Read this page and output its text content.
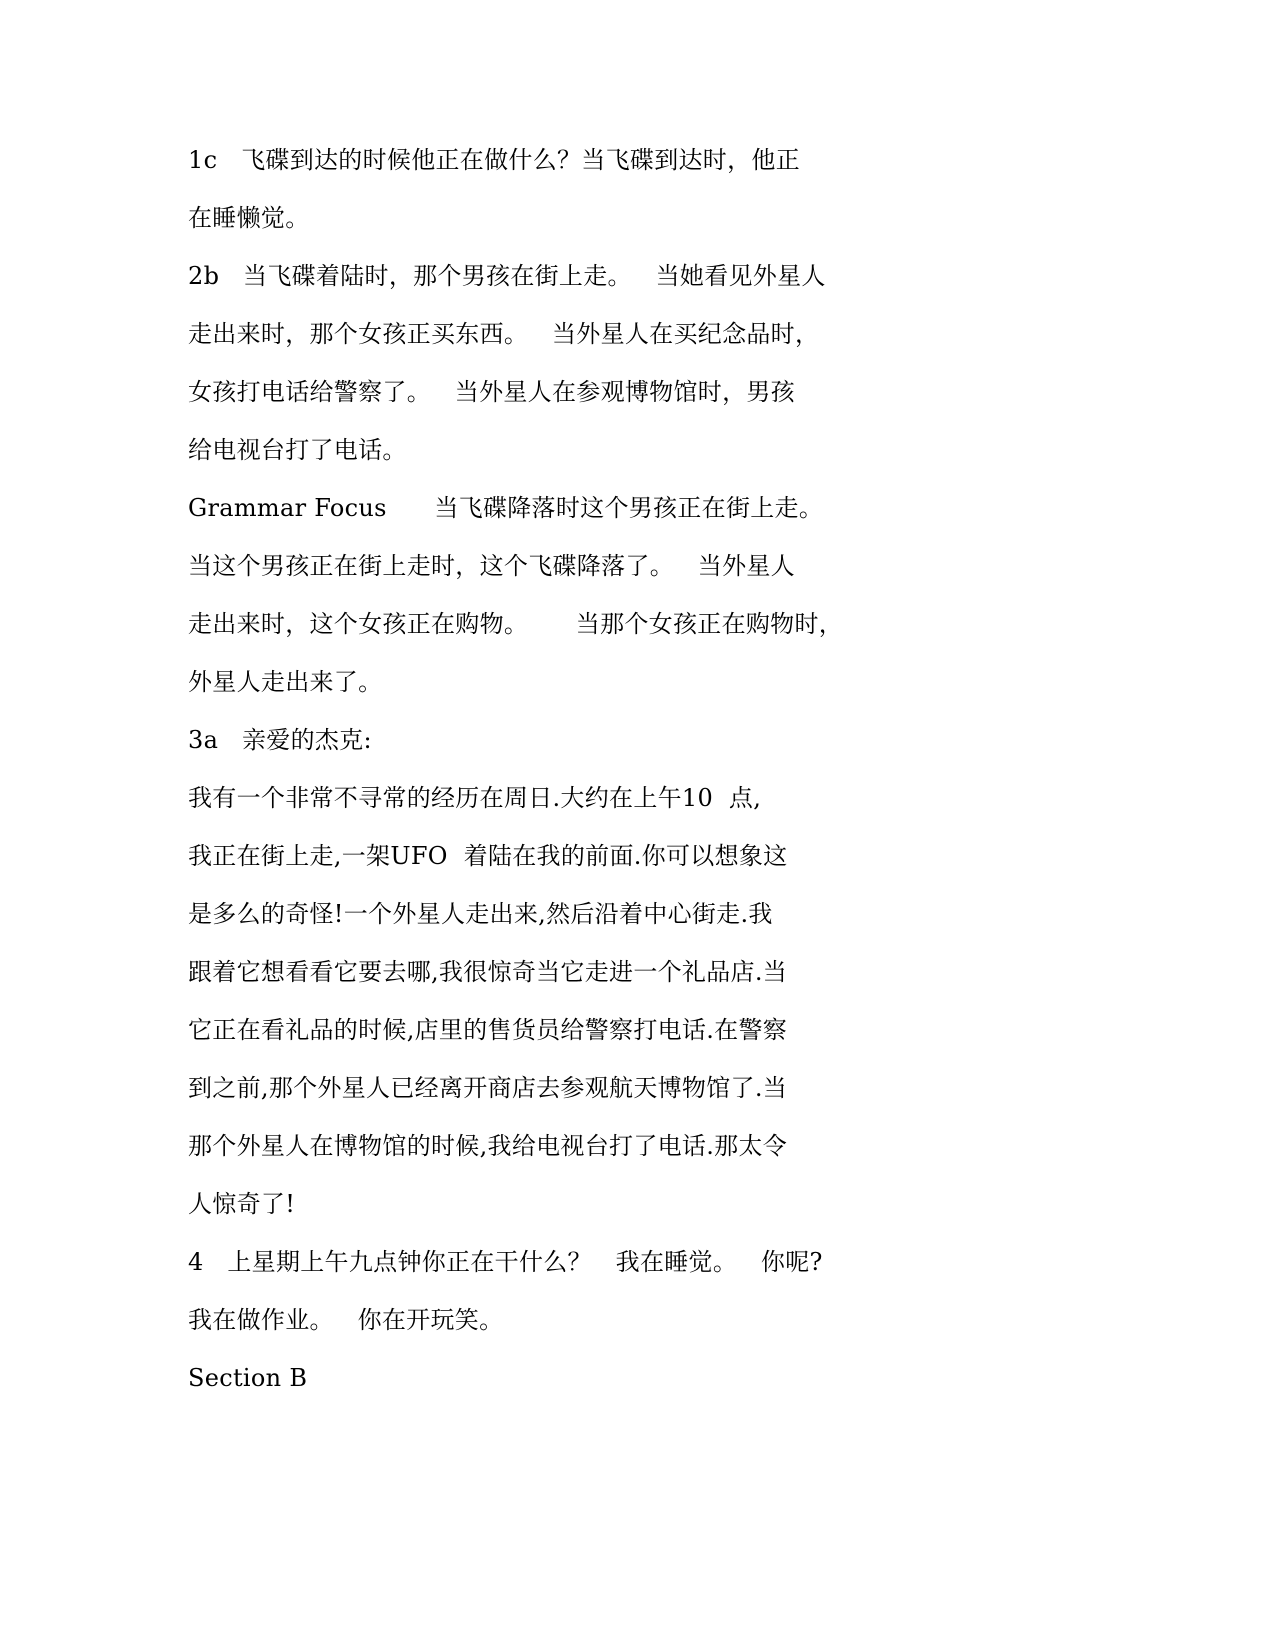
1c   飞碟到达的时候他正在做什么？当飞碟到达时，他正
在睡懒觉。
2b   当飞碟着陆时，那个男孩在街上走。   当她看见外星人
走出来时，那个女孩正买东西。   当外星人在买纪念品时，
女孩打电话给警察了。   当外星人在参观博物馆时，男孩
给电视台打了电话。
Grammar Focus      当飞碟降落时这个男孩正在街上走。
当这个男孩正在街上走时，这个飞碟降落了。   当外星人
走出来时，这个女孩正在购物。      当那个女孩正在购物时，
外星人走出来了。
3a   亲爱的杰克:
我有一个非常不寻常的经历在周日.大约在上午10  点,
我正在街上走,一架UFO  着陆在我的前面.你可以想象这
是多么的奇怪!一个外星人走出来,然后沿着中心街走.我
跟着它想看看它要去哪,我很惊奇当它走进一个礼品店.当
它正在看礼品的时候,店里的售货员给警察打电话.在警察
到之前,那个外星人已经离开商店去参观航天博物馆了.当
那个外星人在博物馆的时候,我给电视台打了电话.那太令
人惊奇了!
4   上星期上午九点钟你正在干什么？   我在睡觉。   你呢?
我在做作业。   你在开玩笑。
Section B
